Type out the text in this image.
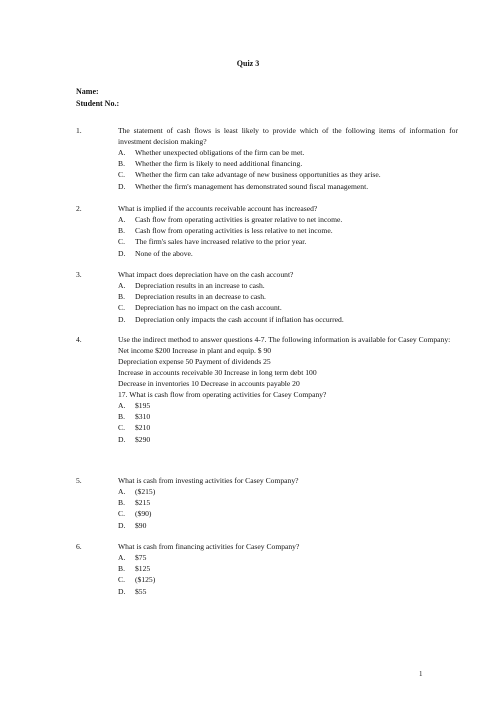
Quiz 3
Name:
Student No.:
1.	The statement of cash flows is least likely to provide which of the following items of information for investment decision making?
A. Whether unexpected obligations of the firm can be met.
B. Whether the firm is likely to need additional financing.
C. Whether the firm can take advantage of new business opportunities as they arise.
D. Whether the firm's management has demonstrated sound fiscal management.
2.	What is implied if the accounts receivable account has increased?
A. Cash flow from operating activities is greater relative to net income.
B. Cash flow from operating activities is less relative to net income.
C. The firm's sales have increased relative to the prior year.
D. None of the above.
3.	What impact does depreciation have on the cash account?
A. Depreciation results in an increase to cash.
B. Depreciation results in an decrease to cash.
C. Depreciation has no impact on the cash account.
D. Depreciation only impacts the cash account if inflation has occurred.
4.	Use the indirect method to answer questions 4-7. The following information is available for Casey Company:
Net income $200 Increase in plant and equip. $ 90
Depreciation expense 50 Payment of dividends 25
Increase in accounts receivable 30 Increase in long term debt 100
Decrease in inventories 10 Decrease in accounts payable 20
17. What is cash flow from operating activities for Casey Company?
A. $195
B. $310
C. $210
D. $290
5.	What is cash from investing activities for Casey Company?
A. ($215)
B. $215
C. ($90)
D. $90
6.	What is cash from financing activities for Casey Company?
A. $75
B. $125
C. ($125)
D. $55
1
